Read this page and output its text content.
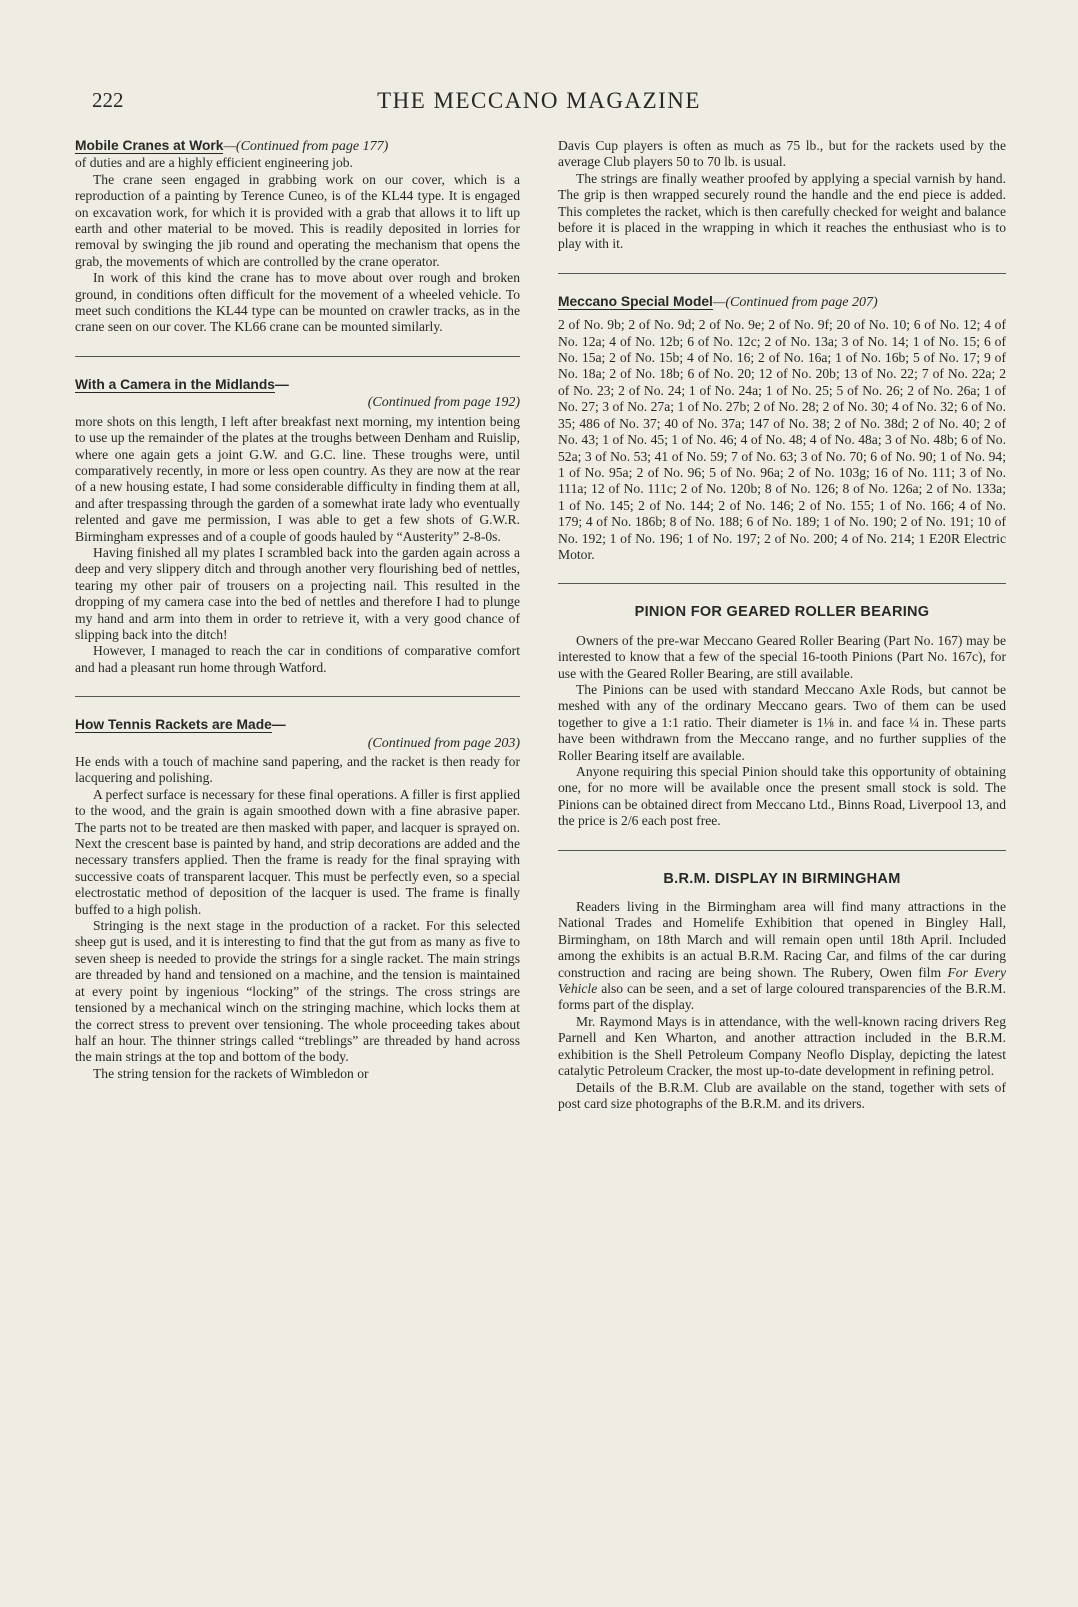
222	THE MECCANO MAGAZINE
Mobile Cranes at Work—(Continued from page 177)

of duties and are a highly efficient engineering job.

The crane seen engaged in grabbing work on our cover, which is a reproduction of a painting by Terence Cuneo, is of the KL44 type. It is engaged on excavation work, for which it is provided with a grab that allows it to lift up earth and other material to be moved. This is readily deposited in lorries for removal by swinging the jib round and operating the mechanism that opens the grab, the movements of which are controlled by the crane operator.

In work of this kind the crane has to move about over rough and broken ground, in conditions often difficult for the movement of a wheeled vehicle. To meet such conditions the KL44 type can be mounted on crawler tracks, as in the crane seen on our cover. The KL66 crane can be mounted similarly.

With a Camera in the Midlands—
(Continued from page 192)

more shots on this length, I left after breakfast next morning, my intention being to use up the remainder of the plates at the troughs between Denham and Ruislip, where one again gets a joint G.W. and G.C. line. These troughs were, until comparatively recently, in more or less open country. As they are now at the rear of a new housing estate, I had some considerable difficulty in finding them at all, and after trespassing through the garden of a somewhat irate lady who eventually relented and gave me permission, I was able to get a few shots of G.W.R. Birmingham expresses and of a couple of goods hauled by “Austerity” 2-8-0s.

Having finished all my plates I scrambled back into the garden again across a deep and very slippery ditch and through another very flourishing bed of nettles, tearing my other pair of trousers on a projecting nail. This resulted in the dropping of my camera case into the bed of nettles and therefore I had to plunge my hand and arm into them in order to retrieve it, with a very good chance of slipping back into the ditch!

However, I managed to reach the car in conditions of comparative comfort and had a pleasant run home through Watford.

How Tennis Rackets are Made—
(Continued from page 203)

He ends with a touch of machine sand papering, and the racket is then ready for lacquering and polishing.

A perfect surface is necessary for these final operations. A filler is first applied to the wood, and the grain is again smoothed down with a fine abrasive paper. The parts not to be treated are then masked with paper, and lacquer is sprayed on. Next the crescent base is painted by hand, and strip decorations are added and the necessary transfers applied. Then the frame is ready for the final spraying with successive coats of transparent lacquer. This must be perfectly even, so a special electrostatic method of deposition of the lacquer is used. The frame is finally buffed to a high polish.

Stringing is the next stage in the production of a racket. For this selected sheep gut is used, and it is interesting to find that the gut from as many as five to seven sheep is needed to provide the strings for a single racket. The main strings are threaded by hand and tensioned on a machine, and the tension is maintained at every point by ingenious “locking” of the strings. The cross strings are tensioned by a mechanical winch on the stringing machine, which locks them at the correct stress to prevent over tensioning. The whole proceeding takes about half an hour. The thinner strings called “treblings” are threaded by hand across the main strings at the top and bottom of the body.

The string tension for the rackets of Wimbledon or

Davis Cup players is often as much as 75 lb., but for the rackets used by the average Club players 50 to 70 lb. is usual.

The strings are finally weather proofed by applying a special varnish by hand. The grip is then wrapped securely round the handle and the end piece is added. This completes the racket, which is then carefully checked for weight and balance before it is placed in the wrapping in which it reaches the enthusiast who is to play with it.

Meccano Special Model—(Continued from page 207)

2 of No. 9b; 2 of No. 9d; 2 of No. 9e; 2 of No. 9f; 20 of No. 10; 6 of No. 12; 4 of No. 12a; 4 of No. 12b; 6 of No. 12c; 2 of No. 13a; 3 of No. 14; 1 of No. 15; 6 of No. 15a; 2 of No. 15b; 4 of No. 16; 2 of No. 16a; 1 of No. 16b; 5 of No. 17; 9 of No. 18a; 2 of No. 18b; 6 of No. 20; 12 of No. 20b; 13 of No. 22; 7 of No. 22a; 2 of No. 23; 2 of No. 24; 1 of No. 24a; 1 of No. 25; 5 of No. 26; 2 of No. 26a; 1 of No. 27; 3 of No. 27a; 1 of No. 27b; 2 of No. 28; 2 of No. 30; 4 of No. 32; 6 of No. 35; 486 of No. 37; 40 of No. 37a; 147 of No. 38; 2 of No. 38d; 2 of No. 40; 2 of No. 43; 1 of No. 45; 1 of No. 46; 4 of No. 48; 4 of No. 48a; 3 of No. 48b; 6 of No. 52a; 3 of No. 53; 41 of No. 59; 7 of No. 63; 3 of No. 70; 6 of No. 90; 1 of No. 94; 1 of No. 95a; 2 of No. 96; 5 of No. 96a; 2 of No. 103g; 16 of No. 111; 3 of No. 111a; 12 of No. 111c; 2 of No. 120b; 8 of No. 126; 8 of No. 126a; 2 of No. 133a; 1 of No. 145; 2 of No. 144; 2 of No. 146; 2 of No. 155; 1 of No. 166; 4 of No. 179; 4 of No. 186b; 8 of No. 188; 6 of No. 189; 1 of No. 190; 2 of No. 191; 10 of No. 192; 1 of No. 196; 1 of No. 197; 2 of No. 200; 4 of No. 214; 1 E20R Electric Motor.

PINION FOR GEARED ROLLER BEARING

Owners of the pre-war Meccano Geared Roller Bearing (Part No. 167) may be interested to know that a few of the special 16-tooth Pinions (Part No. 167c), for use with the Geared Roller Bearing, are still available.

The Pinions can be used with standard Meccano Axle Rods, but cannot be meshed with any of the ordinary Meccano gears. Two of them can be used together to give a 1:1 ratio. Their diameter is 1⅛ in. and face ¼ in. These parts have been withdrawn from the Meccano range, and no further supplies of the Roller Bearing itself are available.

Anyone requiring this special Pinion should take this opportunity of obtaining one, for no more will be available once the present small stock is sold. The Pinions can be obtained direct from Meccano Ltd., Binns Road, Liverpool 13, and the price is 2/6 each post free.

B.R.M. DISPLAY IN BIRMINGHAM

Readers living in the Birmingham area will find many attractions in the National Trades and Homelife Exhibition that opened in Bingley Hall, Birmingham, on 18th March and will remain open until 18th April. Included among the exhibits is an actual B.R.M. Racing Car, and films of the car during construction and racing are being shown. The Rubery, Owen film For Every Vehicle also can be seen, and a set of large coloured transparencies of the B.R.M. forms part of the display.

Mr. Raymond Mays is in attendance, with the well-known racing drivers Reg Parnell and Ken Wharton, and another attraction included in the B.R.M. exhibition is the Shell Petroleum Company Neoflo Display, depicting the latest catalytic Petroleum Cracker, the most up-to-date development in refining petrol.

Details of the B.R.M. Club are available on the stand, together with sets of post card size photographs of the B.R.M. and its drivers.
